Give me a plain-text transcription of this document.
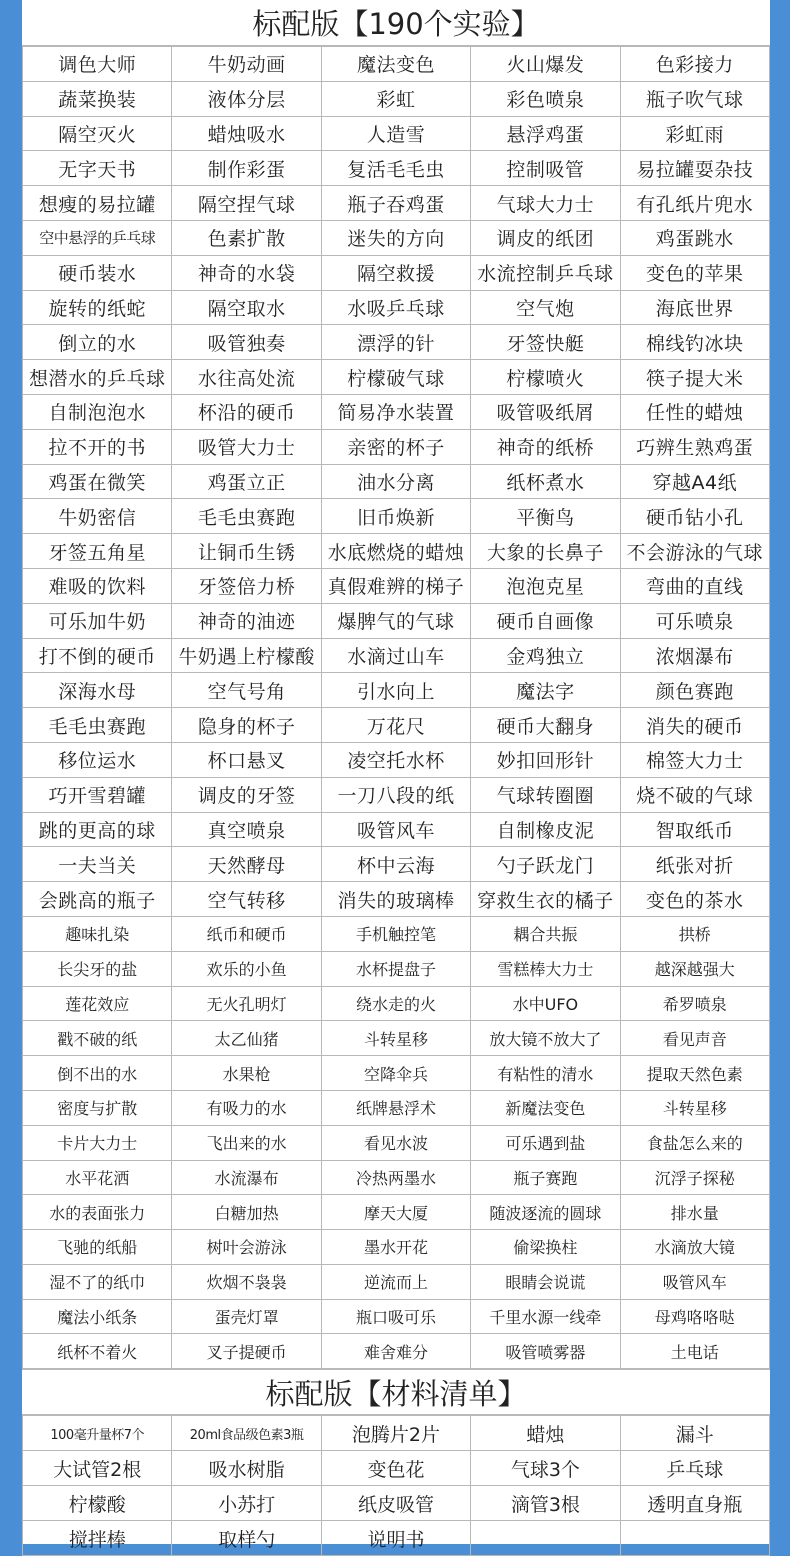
标配版【190个实验】
调色大师	牛奶动画	魔法变色	火山爆发	色彩接力
蔬菜换装	液体分层	彩虹	彩色喷泉	瓶子吹气球
隔空灭火	蜡烛吸水	人造雪	悬浮鸡蛋	彩虹雨
无字天书	制作彩蛋	复活毛毛虫	控制吸管	易拉罐耍杂技
想瘦的易拉罐	隔空捏气球	瓶子吞鸡蛋	气球大力士	有孔纸片兜水
空中悬浮的乒乓球	色素扩散	迷失的方向	调皮的纸团	鸡蛋跳水
硬币装水	神奇的水袋	隔空救援	水流控制乒乓球	变色的苹果
旋转的纸蛇	隔空取水	水吸乒乓球	空气炮	海底世界
倒立的水	吸管独奏	漂浮的针	牙签快艇	棉线钓冰块
想潜水的乒乓球	水往高处流	柠檬破气球	柠檬喷火	筷子提大米
自制泡泡水	杯沿的硬币	简易净水装置	吸管吸纸屑	任性的蜡烛
拉不开的书	吸管大力士	亲密的杯子	神奇的纸桥	巧辨生熟鸡蛋
鸡蛋在微笑	鸡蛋立正	油水分离	纸杯煮水	穿越A4纸
牛奶密信	毛毛虫赛跑	旧币焕新	平衡鸟	硬币钻小孔
牙签五角星	让铜币生锈	水底燃烧的蜡烛	大象的长鼻子	不会游泳的气球
难吸的饮料	牙签倍力桥	真假难辨的梯子	泡泡克星	弯曲的直线
可乐加牛奶	神奇的油迹	爆脾气的气球	硬币自画像	可乐喷泉
打不倒的硬币	牛奶遇上柠檬酸	水滴过山车	金鸡独立	浓烟瀑布
深海水母	空气号角	引水向上	魔法字	颜色赛跑
毛毛虫赛跑	隐身的杯子	万花尺	硬币大翻身	消失的硬币
移位运水	杯口悬叉	凌空托水杯	妙扣回形针	棉签大力士
巧开雪碧罐	调皮的牙签	一刀八段的纸	气球转圈圈	烧不破的气球
跳的更高的球	真空喷泉	吸管风车	自制橡皮泥	智取纸币
一夫当关	天然酵母	杯中云海	勺子跃龙门	纸张对折
会跳高的瓶子	空气转移	消失的玻璃棒	穿救生衣的橘子	变色的茶水
趣味扎染	纸币和硬币	手机触控笔	耦合共振	拱桥
长尖牙的盐	欢乐的小鱼	水杯提盘子	雪糕棒大力士	越深越强大
莲花效应	无火孔明灯	绕水走的火	水中UFO	希罗喷泉
戳不破的纸	太乙仙猪	斗转星移	放大镜不放大了	看见声音
倒不出的水	水果枪	空降伞兵	有粘性的清水	提取天然色素
密度与扩散	有吸力的水	纸牌悬浮术	新魔法变色	斗转星移
卡片大力士	飞出来的水	看见水波	可乐遇到盐	食盐怎么来的
水平花洒	水流瀑布	冷热两墨水	瓶子赛跑	沉浮子探秘
水的表面张力	白糖加热	摩天大厦	随波逐流的圆球	排水量
飞驰的纸船	树叶会游泳	墨水开花	偷梁换柱	水滴放大镜
湿不了的纸巾	炊烟不袅袅	逆流而上	眼睛会说谎	吸管风车
魔法小纸条	蛋壳灯罩	瓶口吸可乐	千里水源一线牵	母鸡咯咯哒
纸杯不着火	叉子提硬币	难舍难分	吸管喷雾器	土电话
标配版【材料清单】
100毫升量杯7个	20ml食品级色素3瓶	泡腾片2片	蜡烛	漏斗
大试管2根	吸水树脂	变色花	气球3个	乒乓球
柠檬酸	小苏打	纸皮吸管	滴管3根	透明直身瓶
搅拌棒	取样勺	说明书		
